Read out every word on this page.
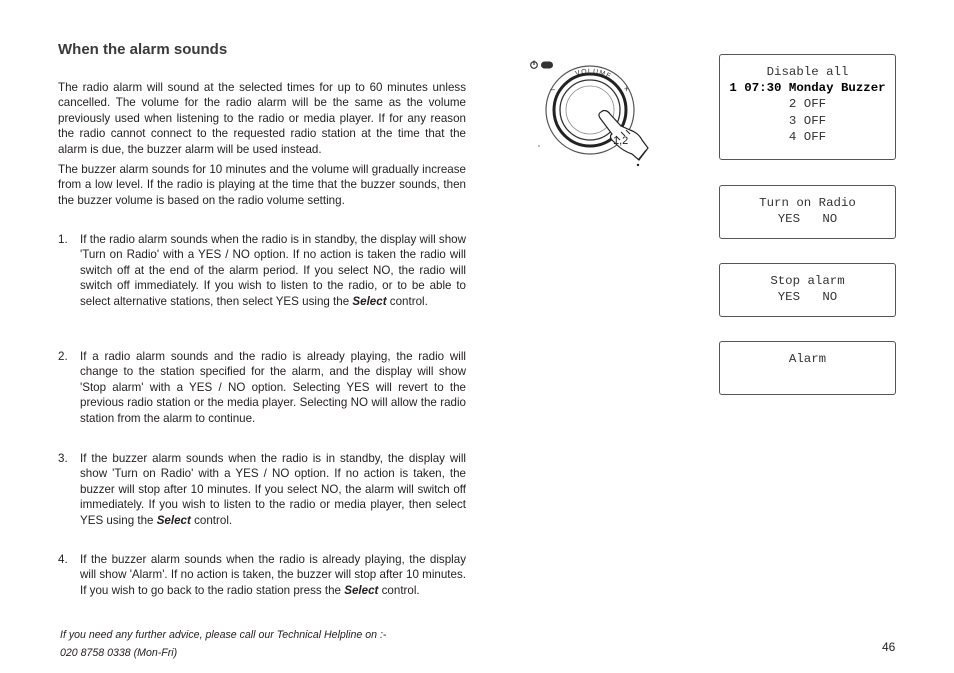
When the alarm sounds

The radio alarm will sound at the selected times for up to 60 minutes unless cancelled. The volume for the radio alarm will be the same as the volume previously used when listening to the radio or media player. If for any reason the radio cannot connect to the requested radio station at the time that the alarm is due, the buzzer alarm will be used instead.

The buzzer alarm sounds for 10 minutes and the volume will gradually increase from a low level. If the radio is playing at the time that the buzzer sounds, then the buzzer volume is based on the radio volume setting.

1. If the radio alarm sounds when the radio is in standby, the display will show 'Turn on Radio' with a YES / NO option. If no action is taken the radio will switch off at the end of the alarm period. If you select NO, the radio will switch off immediately. If you wish to listen to the radio, or to be able to select alternative stations, then select YES using the Select control.
2. If a radio alarm sounds and the radio is already playing, the radio will change to the station specified for the alarm, and the display will show 'Stop alarm' with a YES / NO option. Selecting YES will revert to the previous radio station or the media player. Selecting NO will allow the radio station from the alarm to continue.
3. If the buzzer alarm sounds when the radio is in standby, the display will show 'Turn on Radio' with a YES / NO option. If no action is taken, the buzzer will stop after 10 minutes. If you select NO, the alarm will switch off immediately. If you wish to listen to the radio or media player, then select YES using the Select control.
4. If the buzzer alarm sounds when the radio is already playing, the display will show 'Alarm'. If no action is taken, the buzzer will stop after 10 minutes. If you wish to go back to the radio station press the Select control.
If you need any further advice, please call our Technical Helpline on :-
020 8758 0338 (Mon-Fri)	46
VOLUME
–	+
1,2
Disable all
1 07:30 Monday Buzzer
2 OFF
3 OFF
4 OFF
Turn on Radio
YES   NO
Stop alarm
YES   NO
Alarm
